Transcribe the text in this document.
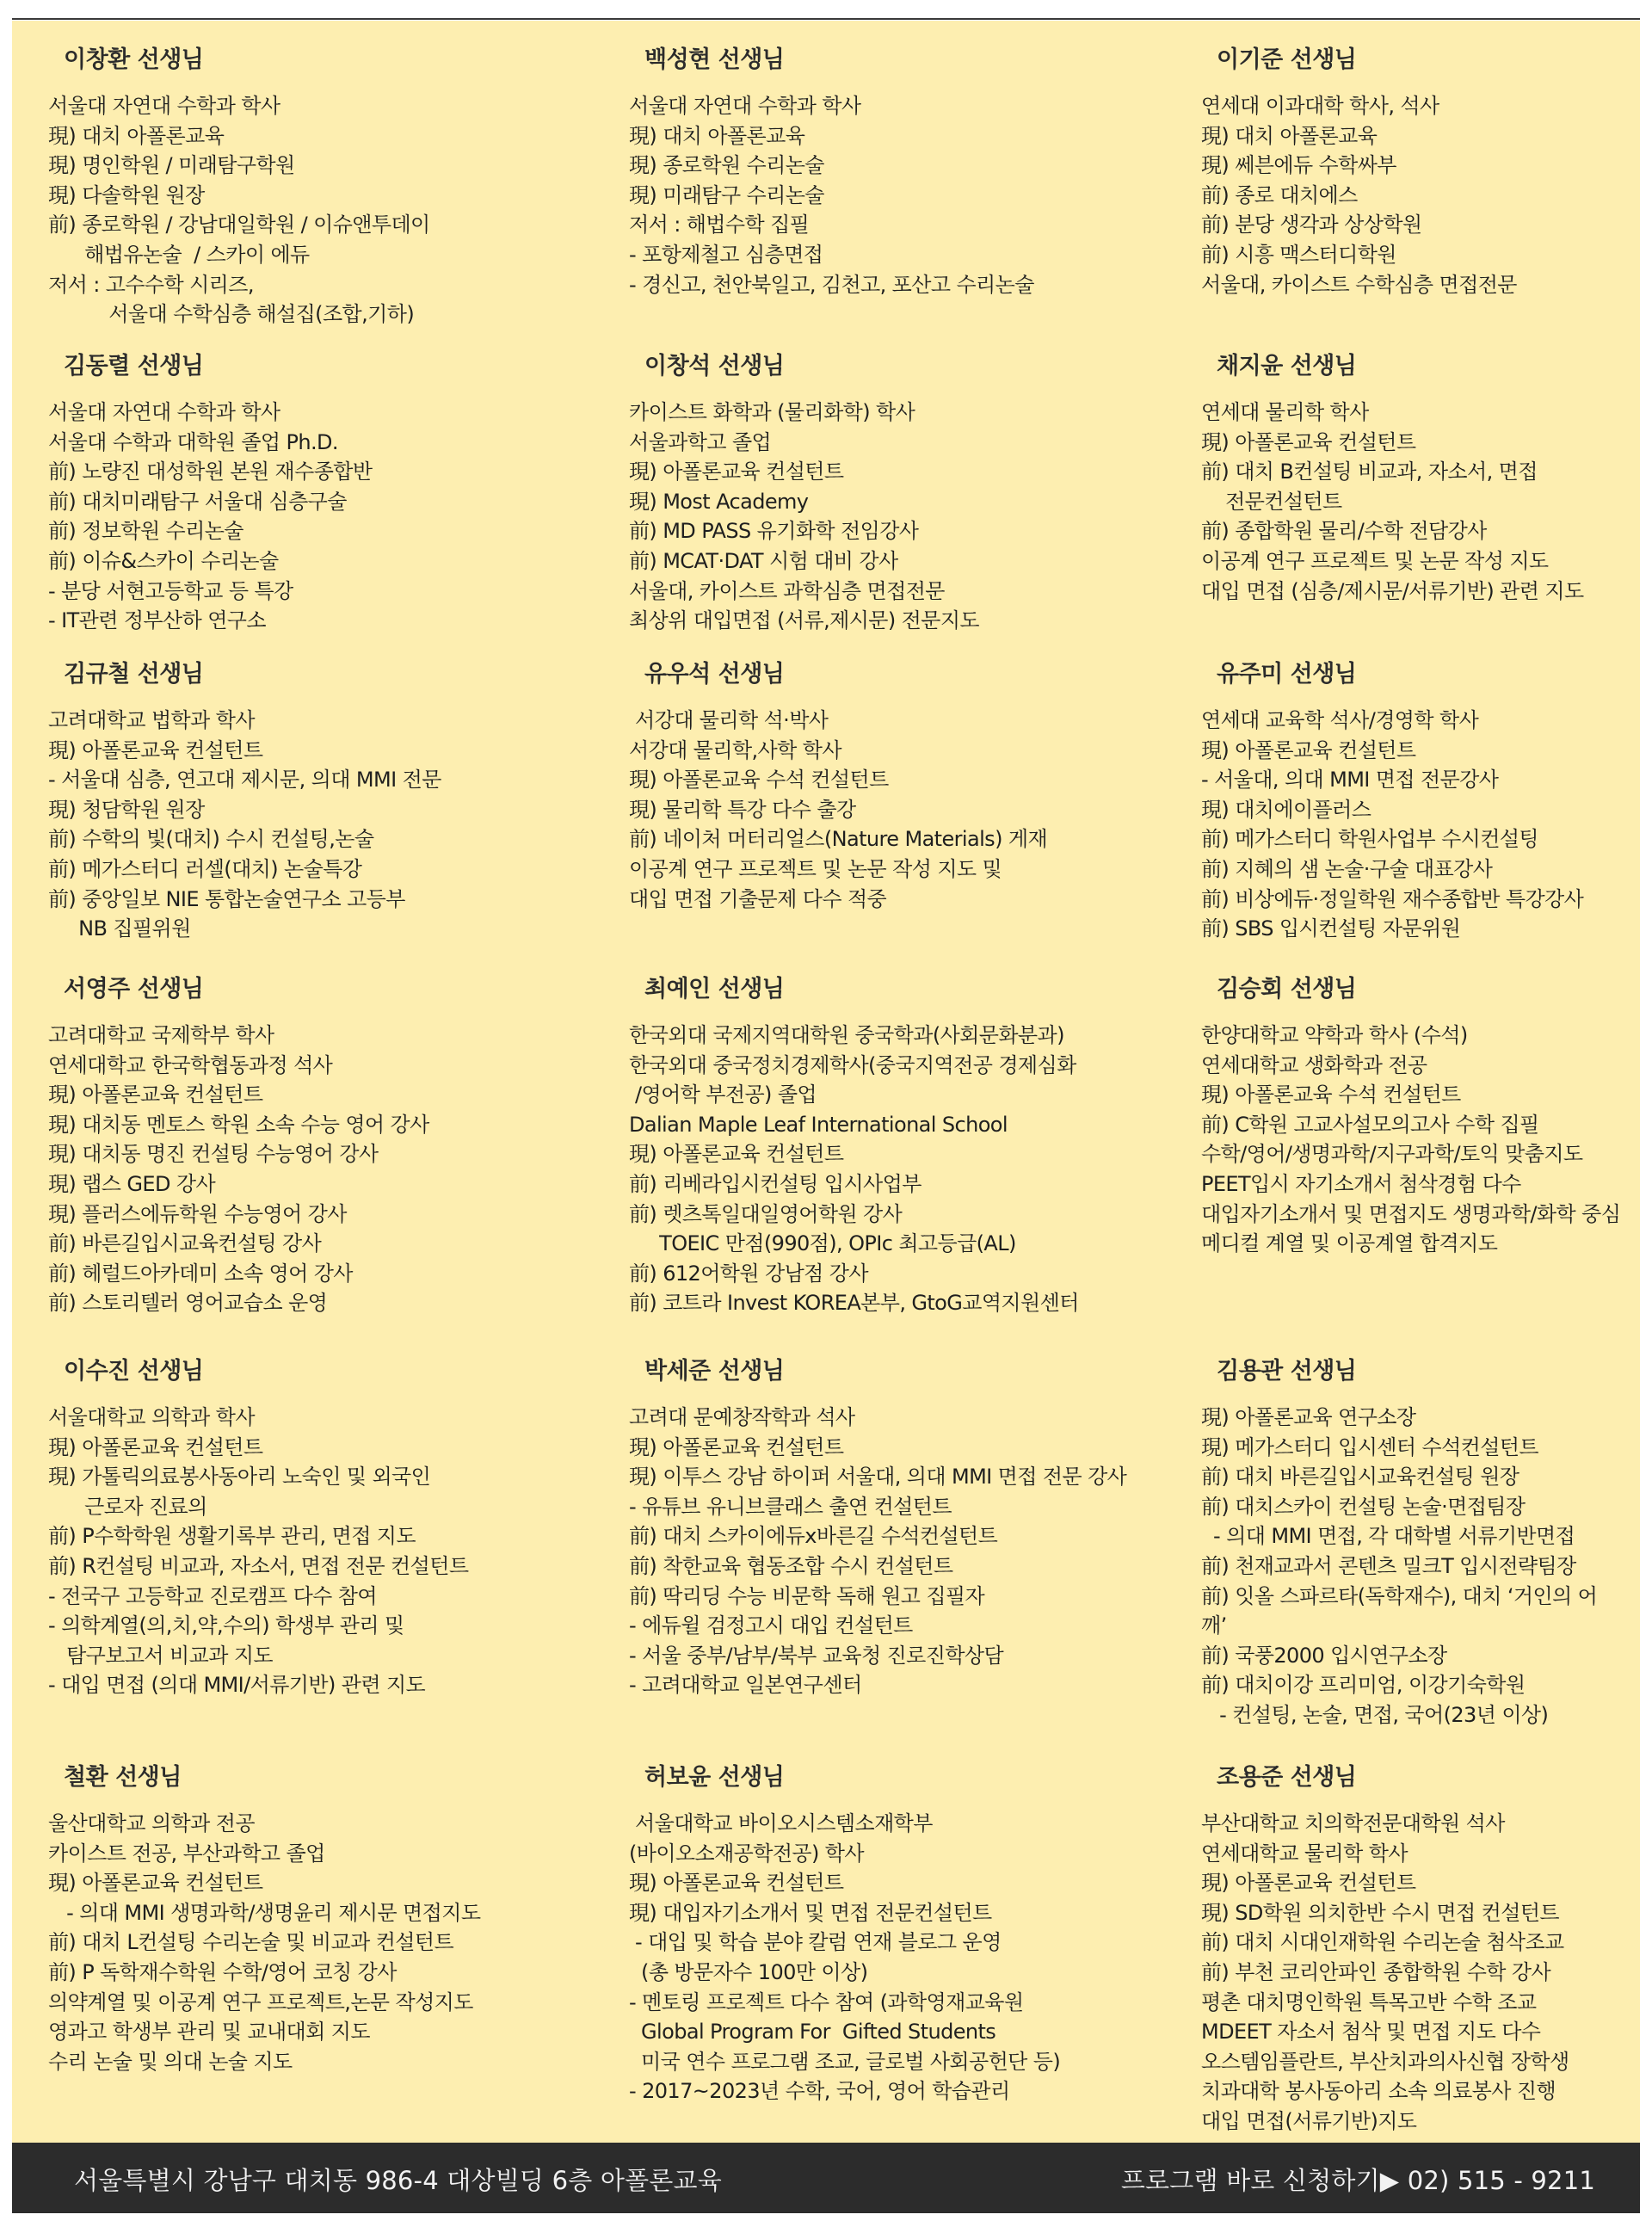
이창환 선생님
서울대 자연대 수학과 학사
現) 대치 아폴론교육
現) 명인학원 / 미래탐구학원
現) 다솔학원 원장
前) 종로학원 / 강남대일학원 / 이슈앤투데이
해법유논술  / 스카이 에듀
저서 : 고수수학 시리즈,
서울대 수학심층 해설집(조합,기하)
백성현 선생님
서울대 자연대 수학과 학사
現) 대치 아폴론교육
現) 종로학원 수리논술
現) 미래탐구 수리논술
저서 : 해법수학 집필
- 포항제철고 심층면접
- 경신고, 천안북일고, 김천고, 포산고 수리논술
이기준 선생님
연세대 이과대학 학사, 석사
現) 대치 아폴론교육
現) 쎄븐에듀 수학싸부
前) 종로 대치에스
前) 분당 생각과 상상학원
前) 시흥 맥스터디학원
서울대, 카이스트 수학심층 면접전문
김동렬 선생님
서울대 자연대 수학과 학사
서울대 수학과 대학원 졸업 Ph.D.
前) 노량진 대성학원 본원 재수종합반
前) 대치미래탐구 서울대 심층구술
前) 정보학원 수리논술
前) 이슈&스카이 수리논술
- 분당 서현고등학교 등 특강
- IT관련 정부산하 연구소
이창석 선생님
카이스트 화학과 (물리화학) 학사
서울과학고 졸업
現) 아폴론교육 컨설턴트
現) Most Academy
前) MD PASS 유기화학 전임강사
前) MCAT·DAT 시험 대비 강사
서울대, 카이스트 과학심층 면접전문
최상위 대입면접 (서류,제시문) 전문지도
채지윤 선생님
연세대 물리학 학사
現) 아폴론교육 컨설턴트
前) 대치 B컨설팅 비교과, 자소서, 면접
전문컨설턴트
前) 종합학원 물리/수학 전담강사
이공계 연구 프로젝트 및 논문 작성 지도
대입 면접 (심층/제시문/서류기반) 관련 지도
김규철 선생님
고려대학교 법학과 학사
現) 아폴론교육 컨설턴트
- 서울대 심층, 연고대 제시문, 의대 MMI 전문
現) 청담학원 원장
前) 수학의 빛(대치) 수시 컨설팅,논술
前) 메가스터디 러셀(대치) 논술특강
前) 중앙일보 NIE 통합논술연구소 고등부
NB 집필위원
유우석 선생님
서강대 물리학 석·박사
서강대 물리학,사학 학사
現) 아폴론교육 수석 컨설턴트
現) 물리학 특강 다수 출강
前) 네이처 머터리얼스(Nature Materials) 게재
이공계 연구 프로젝트 및 논문 작성 지도 및
대입 면접 기출문제 다수 적중
유주미 선생님
연세대 교육학 석사/경영학 학사
現) 아폴론교육 컨설턴트
- 서울대, 의대 MMI 면접 전문강사
現) 대치에이플러스
前) 메가스터디 학원사업부 수시컨설팅
前) 지혜의 샘 논술·구술 대표강사
前) 비상에듀·정일학원 재수종합반 특강강사
前) SBS 입시컨설팅 자문위원
서영주 선생님
고려대학교 국제학부 학사
연세대학교 한국학협동과정 석사
現) 아폴론교육 컨설턴트
現) 대치동 멘토스 학원 소속 수능 영어 강사
現) 대치동 명진 컨설팅 수능영어 강사
現) 랩스 GED 강사
現) 플러스에듀학원 수능영어 강사
前) 바른길입시교육컨설팅 강사
前) 헤럴드아카데미 소속 영어 강사
前) 스토리텔러 영어교습소 운영
최예인 선생님
한국외대 국제지역대학원 중국학과(사회문화분과)
한국외대 중국정치경제학사(중국지역전공 경제심화
/영어학 부전공) 졸업
Dalian Maple Leaf International School
現) 아폴론교육 컨설턴트
前) 리베라입시컨설팅 입시사업부
前) 렛츠톡일대일영어학원 강사
TOEIC 만점(990점), OPIc 최고등급(AL)
前) 612어학원 강남점 강사
前) 코트라 Invest KOREA본부, GtoG교역지원센터
김승회 선생님
한양대학교 약학과 학사 (수석)
연세대학교 생화학과 전공
現) 아폴론교육 수석 컨설턴트
前) C학원 고교사설모의고사 수학 집필
수학/영어/생명과학/지구과학/토익 맞춤지도
PEET입시 자기소개서 첨삭경험 다수
대입자기소개서 및 면접지도 생명과학/화학 중심
메디컬 계열 및 이공계열 합격지도
이수진 선생님
서울대학교 의학과 학사
現) 아폴론교육 컨설턴트
現) 가톨릭의료봉사동아리 노숙인 및 외국인
근로자 진료의
前) P수학학원 생활기록부 관리, 면접 지도
前) R컨설팅 비교과, 자소서, 면접 전문 컨설턴트
- 전국구 고등학교 진로캠프 다수 참여
- 의학계열(의,치,약,수의) 학생부 관리 및
탐구보고서 비교과 지도
- 대입 면접 (의대 MMI/서류기반) 관련 지도
박세준 선생님
고려대 문예창작학과 석사
現) 아폴론교육 컨설턴트
現) 이투스 강남 하이퍼 서울대, 의대 MMI 면접 전문 강사
- 유튜브 유니브클래스 출연 컨설턴트
前) 대치 스카이에듀x바른길 수석컨설턴트
前) 착한교육 협동조합 수시 컨설턴트
前) 딱리딩 수능 비문학 독해 원고 집필자
- 에듀윌 검정고시 대입 컨설턴트
- 서울 중부/남부/북부 교육청 진로진학상담
- 고려대학교 일본연구센터
김용관 선생님
現) 아폴론교육 연구소장
現) 메가스터디 입시센터 수석컨설턴트
前) 대치 바른길입시교육컨설팅 원장
前) 대치스카이 컨설팅 논술·면접팀장
- 의대 MMI 면접, 각 대학별 서류기반면접
前) 천재교과서 콘텐츠 밀크T 입시전략팀장
前) 잇올 스파르타(독학재수), 대치 ‘거인의 어
깨’
前) 국풍2000 입시연구소장
前) 대치이강 프리미엄, 이강기숙학원
- 컨설팅, 논술, 면접, 국어(23년 이상)
철환 선생님
울산대학교 의학과 전공
카이스트 전공, 부산과학고 졸업
現) 아폴론교육 컨설턴트
- 의대 MMI 생명과학/생명윤리 제시문 면접지도
前) 대치 L컨설팅 수리논술 및 비교과 컨설턴트
前) P 독학재수학원 수학/영어 코칭 강사
의약계열 및 이공계 연구 프로젝트,논문 작성지도
영과고 학생부 관리 및 교내대회 지도
수리 논술 및 의대 논술 지도
허보윤 선생님
서울대학교 바이오시스템소재학부
(바이오소재공학전공) 학사
現) 아폴론교육 컨설턴트
現) 대입자기소개서 및 면접 전문컨설턴트
- 대입 및 학습 분야 칼럼 연재 블로그 운영
(총 방문자수 100만 이상)
- 멘토링 프로젝트 다수 참여 (과학영재교육원
Global Program For  Gifted Students
미국 연수 프로그램 조교, 글로벌 사회공헌단 등)
- 2017~2023년 수학, 국어, 영어 학습관리
조용준 선생님
부산대학교 치의학전문대학원 석사
연세대학교 물리학 학사
現) 아폴론교육 컨설턴트
現) SD학원 의치한반 수시 면접 컨설턴트
前) 대치 시대인재학원 수리논술 첨삭조교
前) 부천 코리안파인 종합학원 수학 강사
평촌 대치명인학원 특목고반 수학 조교
MDEET 자소서 첨삭 및 면접 지도 다수
오스템임플란트, 부산치과의사신협 장학생
치과대학 봉사동아리 소속 의료봉사 진행
대입 면접(서류기반)지도
서울특별시 강남구 대치동 986-4 대상빌딩 6층 아폴론교육	프로그램 바로 신청하기▶ 02) 515 - 9211
